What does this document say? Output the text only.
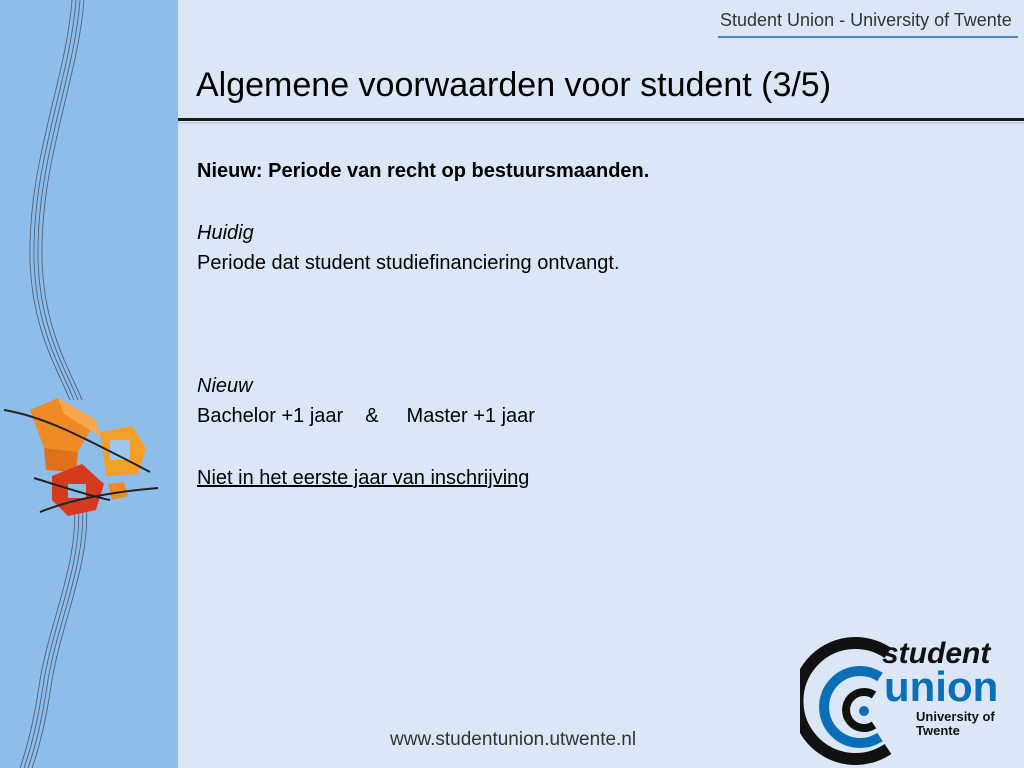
Student Union - University of Twente
Algemene voorwaarden voor student (3/5)
Nieuw: Periode van recht op bestuursmaanden.
Huidig
Periode dat student studiefinanciering ontvangt.
Nieuw
Bachelor +1 jaar & Master +1 jaar
Niet in het eerste jaar van inschrijving
www.studentunion.utwente.nl
student
union
University of
Twente
